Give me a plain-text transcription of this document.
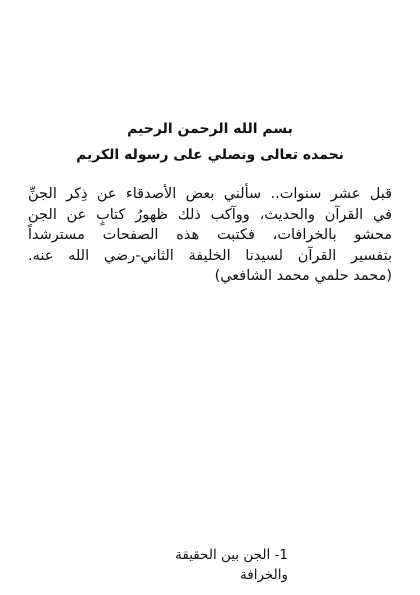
بسم الله الرحمن الرحيم
نحمده تعالى ونصلي على رسوله الكريم
قبل عشر سنوات.. سألني بعض الأصدقاء عن ذِكر الجنِّ
في القرآن والحديث، ووآكب ذلك ظهورُ كتابٍ عن الجن
محشو بالخرافات، فكتبت هذه الصفحات مسترشداً
بتفسير القرآن لسيدنا الخليفة الثاني-رضي الله عنه.
(محمد حلمي محمد الشافعي)
1- الجن بين الحقيقة
والخرافة
